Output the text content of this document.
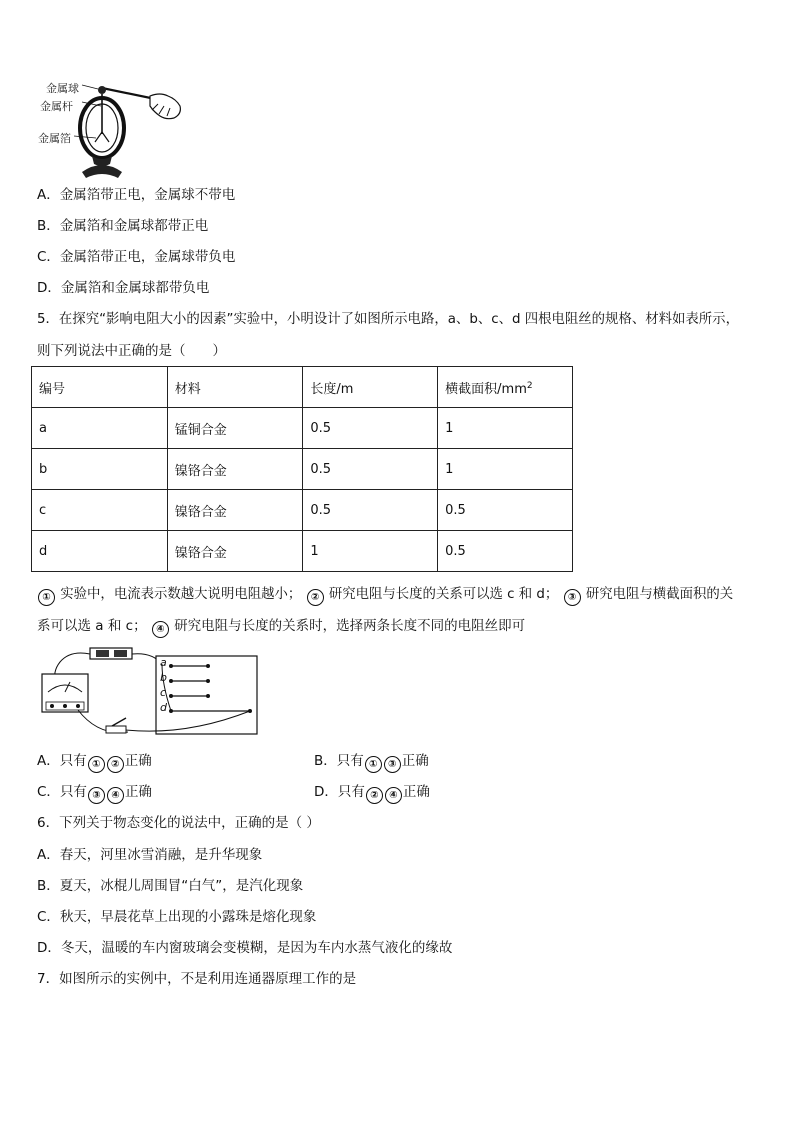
金属球
金属杆
金属箔
A．金属箔带正电，金属球不带电
B．金属箔和金属球都带正电
C．金属箔带正电，金属球带负电
D．金属箔和金属球都带负电
5．在探究“影响电阻大小的因素”实验中，小明设计了如图所示电路，a、b、c、d 四根电阻丝的规格、材料如表所示，
则下列说法中正确的是（　　）
编号	材料	长度/m	横截面积$/mm^2$
a	锰铜合金	0.5	1
b	镍铬合金	0.5	1
c	镍铬合金	0.5	0.5
d	镍铬合金	1	0.5
① 实验中，电流表示数越大说明电阻越小； ② 研究电阻与长度的关系可以选 c 和 d； ③ 研究电阻与横截面积的关
系可以选 a 和 c； ④ 研究电阻与长度的关系时，选择两条长度不同的电阻丝即可
a
b
c
d
A．只有 ① ② 正确	B．只有 ① ③ 正确
C．只有 ③ ④ 正确	D．只有 ② ④ 正确
6．下列关于物态变化的说法中，正确的是（ ）
A．春天，河里冰雪消融，是升华现象
B．夏天，冰棍儿周围冒“白气”，是汽化现象
C．秋天，早晨花草上出现的小露珠是熔化现象
D．冬天，温暖的车内窗玻璃会变模糊，是因为车内水蒸气液化的缘故
7．如图所示的实例中，不是利用连通器原理工作的是
